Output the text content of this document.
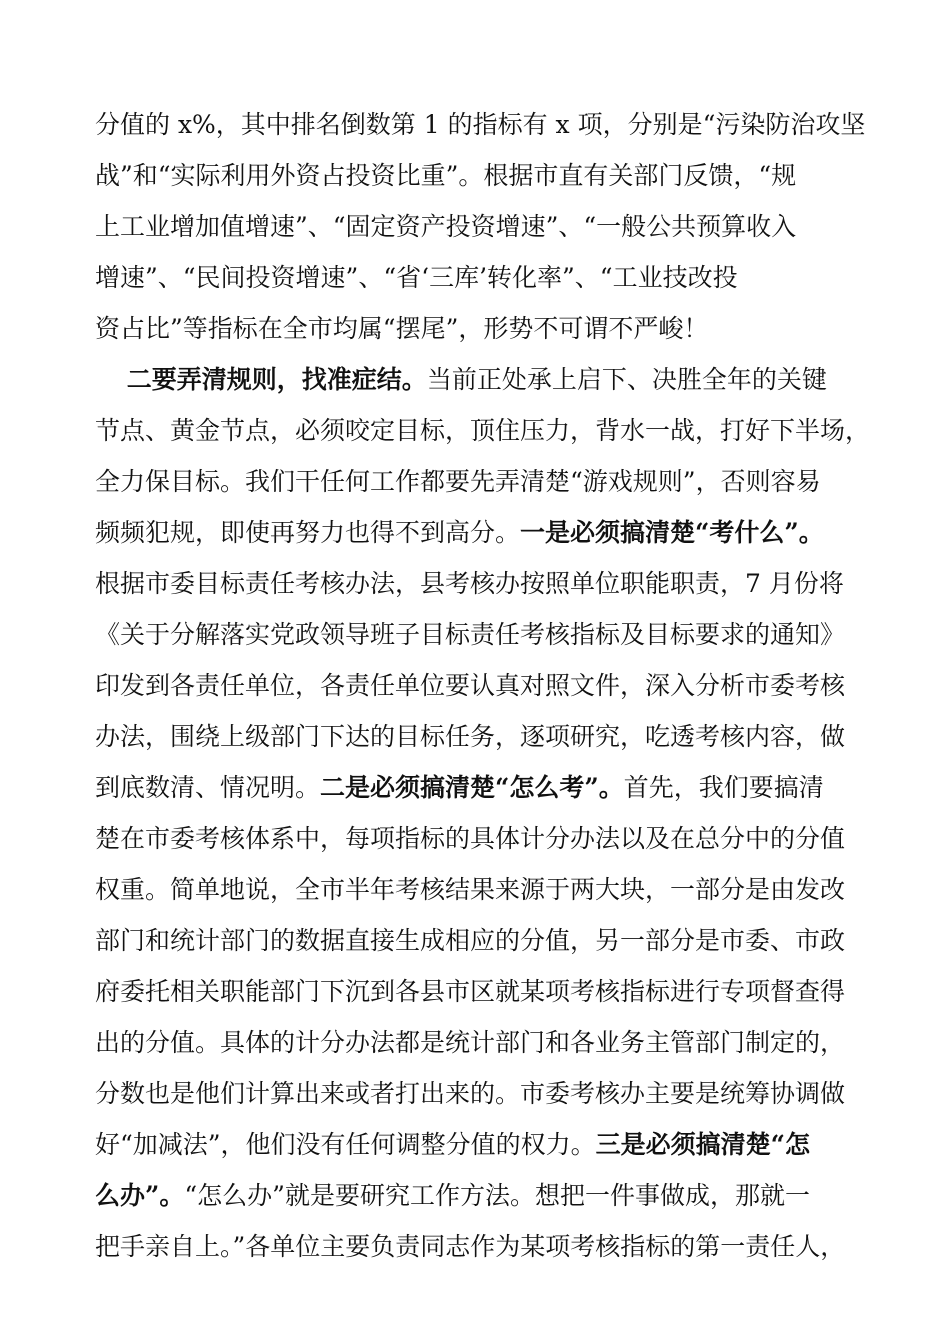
分值的 x%，其中排名倒数第 1 的指标有 x 项，分别是“污染防治攻坚
战”和“实际利用外资占投资比重”。根据市直有关部门反馈，“规
上工业增加值增速”、“固定资产投资增速”、“一般公共预算收入
增速”、“民间投资增速”、“省‘三库’转化率”、“工业技改投
资占比”等指标在全市均属“摆尾”，形势不可谓不严峻！
二要弄清规则，找准症结。当前正处承上启下、决胜全年的关键
节点、黄金节点，必须咬定目标，顶住压力，背水一战，打好下半场，
全力保目标。我们干任何工作都要先弄清楚“游戏规则”，否则容易
频频犯规，即使再努力也得不到高分。一是必须搞清楚“考什么”。
根据市委目标责任考核办法，县考核办按照单位职能职责，7 月份将
《关于分解落实党政领导班子目标责任考核指标及目标要求的通知》
印发到各责任单位，各责任单位要认真对照文件，深入分析市委考核
办法，围绕上级部门下达的目标任务，逐项研究，吃透考核内容，做
到底数清、情况明。二是必须搞清楚“怎么考”。首先，我们要搞清
楚在市委考核体系中，每项指标的具体计分办法以及在总分中的分值
权重。简单地说，全市半年考核结果来源于两大块，一部分是由发改
部门和统计部门的数据直接生成相应的分值，另一部分是市委、市政
府委托相关职能部门下沉到各县市区就某项考核指标进行专项督查得
出的分值。具体的计分办法都是统计部门和各业务主管部门制定的，
分数也是他们计算出来或者打出来的。市委考核办主要是统筹协调做
好“加减法”，他们没有任何调整分值的权力。三是必须搞清楚“怎
么办”。“怎么办”就是要研究工作方法。想把一件事做成，那就一
把手亲自上。”各单位主要负责同志作为某项考核指标的第一责任人，
